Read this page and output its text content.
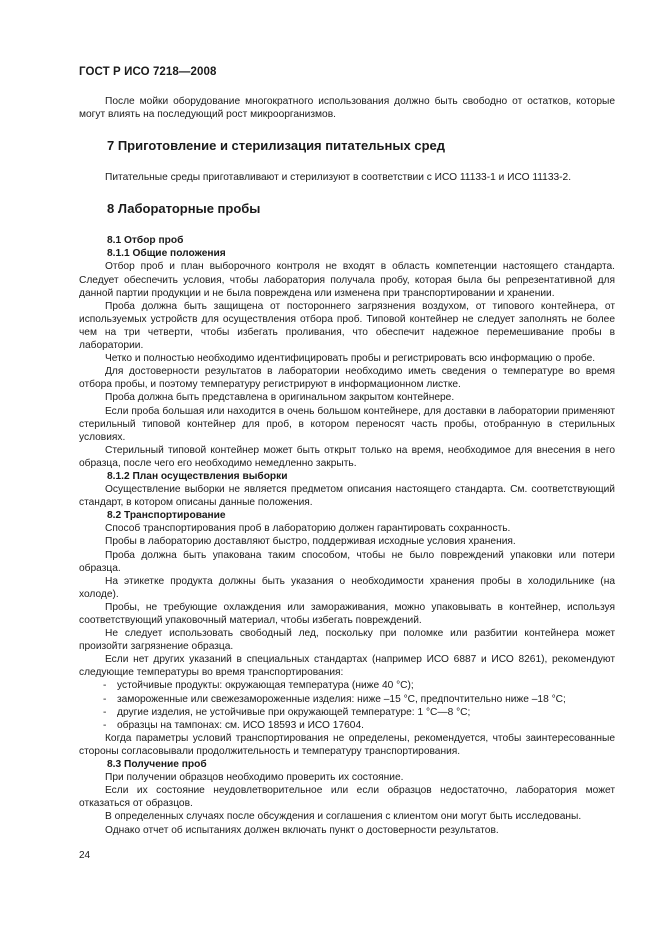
ГОСТ Р ИСО 7218—2008

После мойки оборудование многократного использования должно быть свободно от остатков, которые могут влиять на последующий рост микроорганизмов.

7 Приготовление и стерилизация питательных сред

Питательные среды приготавливают и стерилизуют в соответствии с ИСО 11133-1 и ИСО 11133-2.

8 Лабораторные пробы

8.1 Отбор проб

8.1.1 Общие положения

Отбор проб и план выборочного контроля не входят в область компетенции настоящего стандарта. Следует обеспечить условия, чтобы лаборатория получала пробу, которая была бы репрезентативной для данной партии продукции и не была повреждена или изменена при транспортировании и хранении.

Проба должна быть защищена от постороннего загрязнения воздухом, от типового контейнера, от используемых устройств для осуществления отбора проб. Типовой контейнер не следует заполнять не более чем на три четверти, чтобы избегать проливания, что обеспечит надежное перемешивание пробы в лаборатории.

Четко и полностью необходимо идентифицировать пробы и регистрировать всю информацию о пробе.

Для достоверности результатов в лаборатории необходимо иметь сведения о температуре во время отбора пробы, и поэтому температуру регистрируют в информационном листке.

Проба должна быть представлена в оригинальном закрытом контейнере.

Если проба большая или находится в очень большом контейнере, для доставки в лаборатории применяют стерильный типовой контейнер для проб, в котором переносят часть пробы, отобранную в стерильных условиях.

Стерильный типовой контейнер может быть открыт только на время, необходимое для внесения в него образца, после чего его необходимо немедленно закрыть.

8.1.2 План осуществления выборки

Осуществление выборки не является предметом описания настоящего стандарта. См. соответствующий стандарт, в котором описаны данные положения.

8.2 Транспортирование

Способ транспортирования проб в лабораторию должен гарантировать сохранность.

Пробы в лабораторию доставляют быстро, поддерживая исходные условия хранения.

Проба должна быть упакована таким способом, чтобы не было повреждений упаковки или потери образца.

На этикетке продукта должны быть указания о необходимости хранения пробы в холодильнике (на холоде).

Пробы, не требующие охлаждения или замораживания, можно упаковывать в контейнер, используя соответствующий упаковочный материал, чтобы избегать повреждений.

Не следует использовать свободный лед, поскольку при поломке или разбитии контейнера может произойти загрязнение образца.

Если нет других указаний в специальных стандартах (например ИСО 6887 и ИСО 8261), рекомендуют следующие температуры во время транспортирования:

- устойчивые продукты: окружающая температура (ниже 40 °С);

- замороженные или свежезамороженные изделия: ниже –15 °С, предпочтительно ниже –18 °С;

- другие изделия, не устойчивые при окружающей температуре: 1 °С—8 °С;

- образцы на тампонах: см. ИСО 18593 и ИСО 17604.

Когда параметры условий транспортирования не определены, рекомендуется, чтобы заинтересованные стороны согласовывали продолжительность и температуру транспортирования.

8.3 Получение проб

При получении образцов необходимо проверить их состояние.

Если их состояние неудовлетворительное или если образцов недостаточно, лаборатория может отказаться от образцов.

В определенных случаях после обсуждения и соглашения с клиентом они могут быть исследованы.

Однако отчет об испытаниях должен включать пункт о достоверности результатов.

24
